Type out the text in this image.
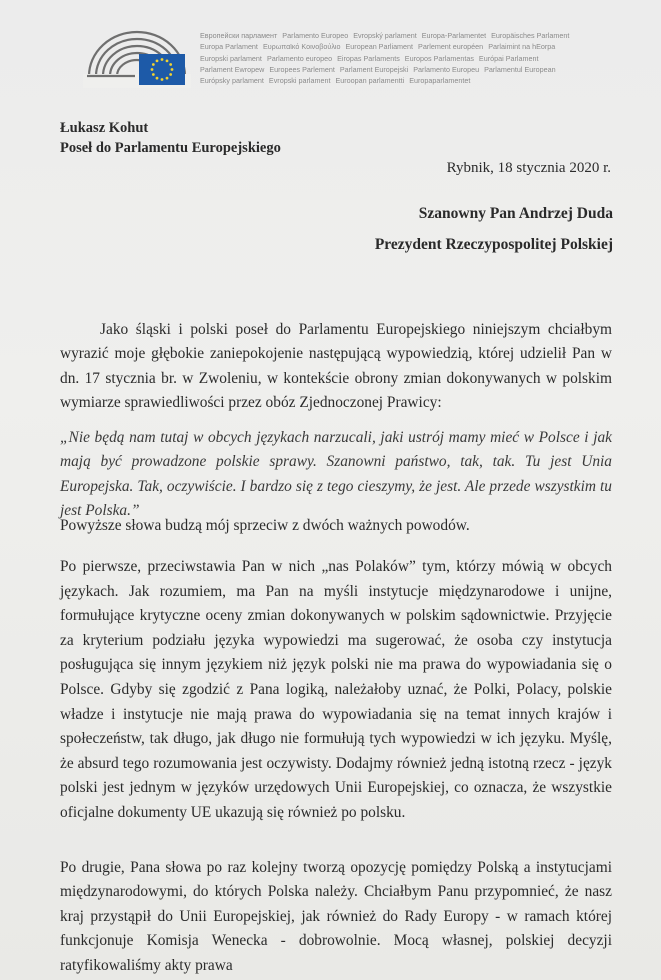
Европейски парламент Parlamento Europeo Evropský parlament Europa-Parlamentet Europäisches Parlament
Europa Parlament Ευρωπαϊκό Κοινοβούλιο European Parliament Parlement européen Parlaimint na hEorpa
Europski parlament Parlamento europeo Eiropas Parlaments Europos Parlamentas Európai Parlament
Parlament Ewropew Europees Parlement Parlament Europejski Parlamento Europeu Parlamentul European
Európsky parlament Evropski parlament Euroopan parlamentti Europaparlamentet
Łukasz Kohut
Poseł do Parlamentu Europejskiego
Rybnik, 18 stycznia 2020 r.
Szanowny Pan Andrzej Duda
Prezydent Rzeczypospolitej Polskiej

Jako śląski i polski poseł do Parlamentu Europejskiego niniejszym chciałbym wyrazić moje głębokie zaniepokojenie następującą wypowiedzią, której udzielił Pan w dn. 17 stycznia br. w Zwoleniu, w kontekście obrony zmian dokonywanych w polskim wymiarze sprawiedliwości przez obóz Zjednoczonej Prawicy:

„Nie będą nam tutaj w obcych językach narzucali, jaki ustrój mamy mieć w Polsce i jak mają być prowadzone polskie sprawy. Szanowni państwo, tak, tak. Tu jest Unia Europejska. Tak, oczywiście. I bardzo się z tego cieszymy, że jest. Ale przede wszystkim tu jest Polska.”

Powyższe słowa budzą mój sprzeciw z dwóch ważnych powodów.

Po pierwsze, przeciwstawia Pan w nich „nas Polaków” tym, którzy mówią w obcych językach. Jak rozumiem, ma Pan na myśli instytucje międzynarodowe i unijne, formułujące krytyczne oceny zmian dokonywanych w polskim sądownictwie. Przyjęcie za kryterium podziału języka wypowiedzi ma sugerować, że osoba czy instytucja posługująca się innym językiem niż język polski nie ma prawa do wypowiadania się o Polsce. Gdyby się zgodzić z Pana logiką, należałoby uznać, że Polki, Polacy, polskie władze i instytucje nie mają prawa do wypowiadania się na temat innych krajów i społeczeństw, tak długo, jak długo nie formułują tych wypowiedzi w ich języku. Myślę, że absurd tego rozumowania jest oczywisty. Dodajmy również jedną istotną rzecz - język polski jest jednym w języków urzędowych Unii Europejskiej, co oznacza, że wszystkie oficjalne dokumenty UE ukazują się również po polsku.

Po drugie, Pana słowa po raz kolejny tworzą opozycję pomiędzy Polską a instytucjami międzynarodowymi, do których Polska należy. Chciałbym Panu przypomnieć, że nasz kraj przystąpił do Unii Europejskiej, jak również do Rady Europy - w ramach której funkcjonuje Komisja Wenecka - dobrowolnie. Mocą własnej, polskiej decyzji ratyfikowaliśmy akty prawa
